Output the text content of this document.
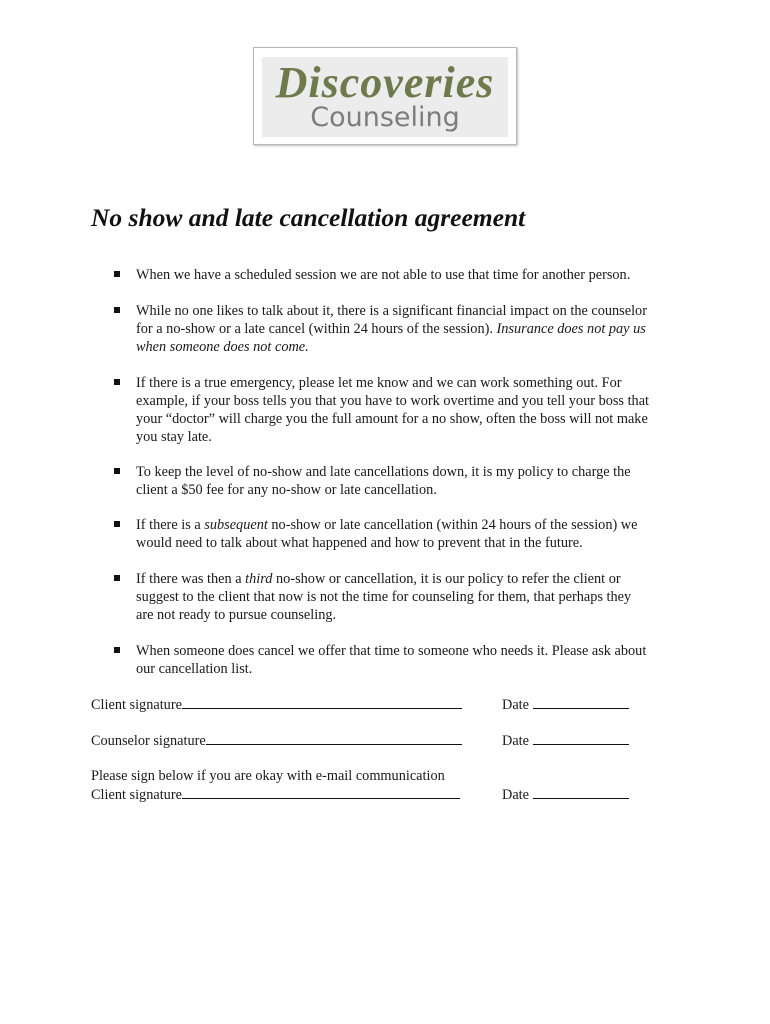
Discoveries
Counseling
No show and late cancellation agreement
When we have a scheduled session we are not able to use that time for another person.
While no one likes to talk about it, there is a significant financial impact on the counselor
for a no-show or a late cancel (within 24 hours of the session). Insurance does not pay us
when someone does not come.
If there is a true emergency, please let me know and we can work something out. For
example, if your boss tells you that you have to work overtime and you tell your boss that
your “doctor” will charge you the full amount for a no show, often the boss will not make
you stay late.
To keep the level of no-show and late cancellations down, it is my policy to charge the
client a $50 fee for any no-show or late cancellation.
If there is a subsequent no-show or late cancellation (within 24 hours of the session) we
would need to talk about what happened and how to prevent that in the future.
If there was then a third no-show or cancellation, it is our policy to refer the client or
suggest to the client that now is not the time for counseling for them, that perhaps they
are not ready to pursue counseling.
When someone does cancel we offer that time to someone who needs it. Please ask about
our cancellation list.
Client signature	Date
Counselor signature	Date
Please sign below if you are okay with e-mail communication
Client signature	Date
